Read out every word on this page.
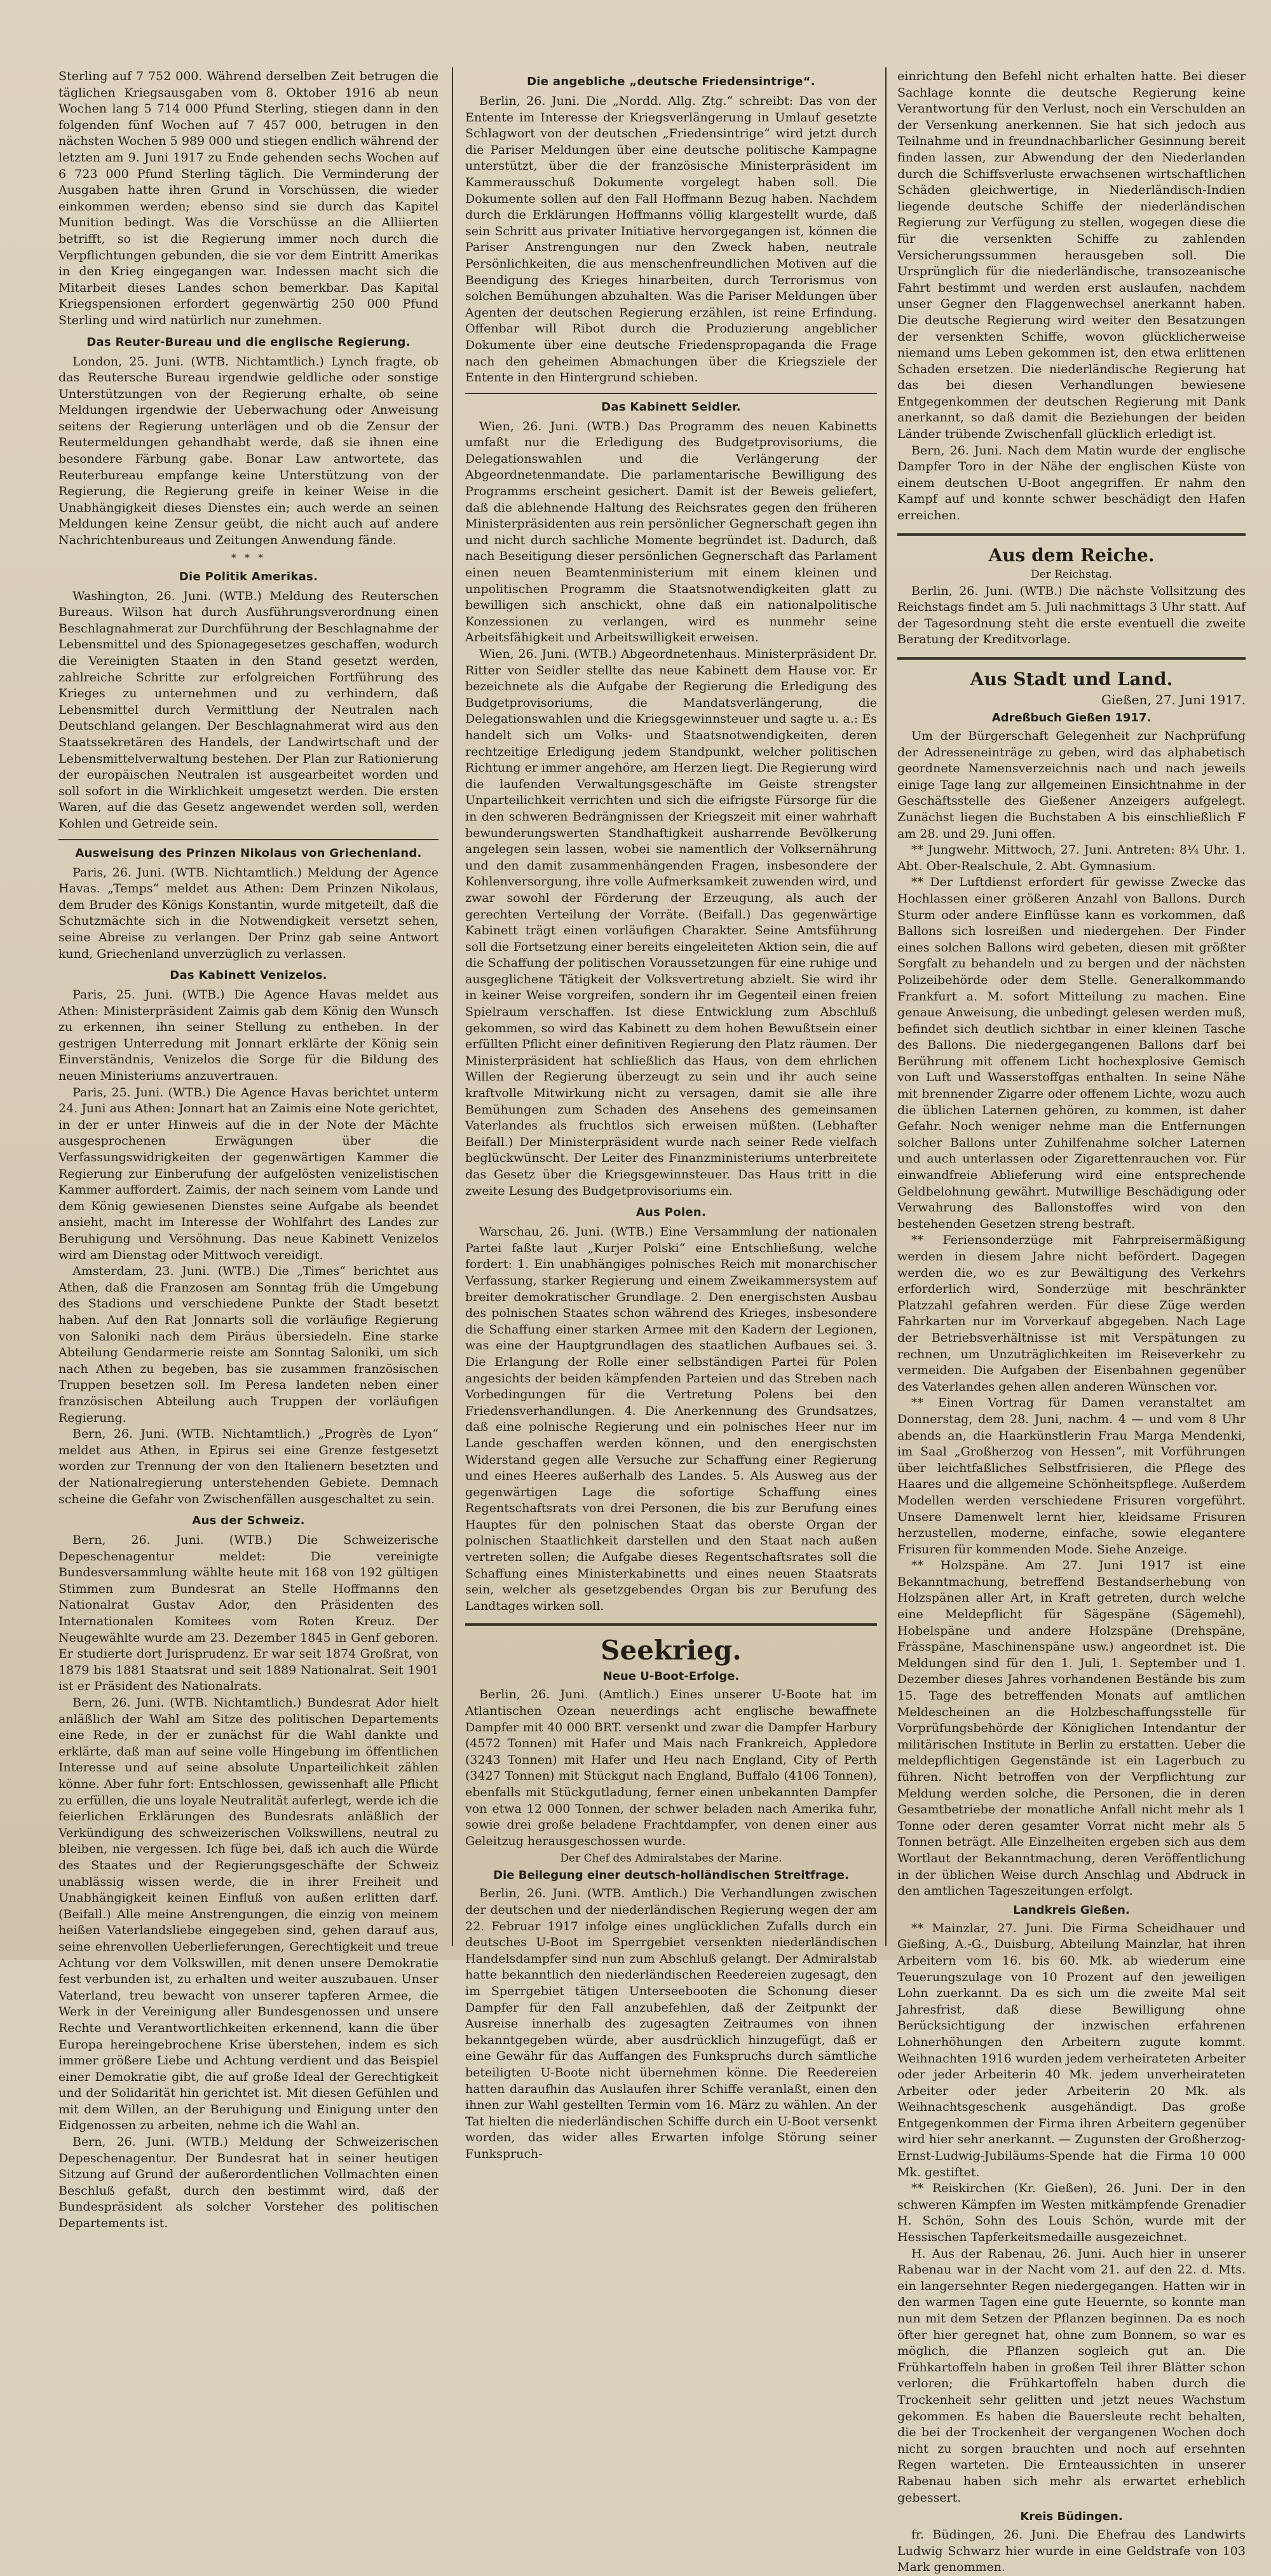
Sterling auf 7 752 000. Während derselben Zeit betrugen die täglichen Kriegsausgaben vom 8. Oktober 1916 ab neun Wochen lang 5 714 000 Pfund Sterling, stiegen dann in den folgenden fünf Wochen auf 7 457 000, betrugen in den nächsten Wochen 5 989 000 und stiegen endlich während der letzten am 9. Juni 1917 zu Ende gehenden sechs Wochen auf 6 723 000 Pfund Sterling täglich. Die Verminderung der Ausgaben hatte ihren Grund in Vorschüssen, die wieder einkommen werden; ebenso sind sie durch das Kapitel Munition bedingt. Was die Vorschüsse an die Alliierten betrifft, so ist die Regierung immer noch durch die Verpflichtungen gebunden, die sie vor dem Eintritt Amerikas in den Krieg eingegangen war. Indessen macht sich die Mitarbeit dieses Landes schon bemerkbar. Das Kapital Kriegspensionen erfordert gegenwärtig 250 000 Pfund Sterling und wird natürlich nur zunehmen.

Das Reuter-Bureau und die englische Regierung.

London, 25. Juni. (WTB. Nichtamtlich.) Lynch fragte, ob das Reutersche Bureau irgendwie geldliche oder sonstige Unterstützungen von der Regierung erhalte, ob seine Meldungen irgendwie der Ueberwachung oder Anweisung seitens der Regierung unterlägen und ob die Zensur der Reutermeldungen gehandhabt werde, daß sie ihnen eine besondere Färbung gabe. Bonar Law antwortete, das Reuterbureau empfange keine Unterstützung von der Regierung, die Regierung greife in keiner Weise in die Unabhängigkeit dieses Dienstes ein; auch werde an seinen Meldungen keine Zensur geübt, die nicht auch auf andere Nachrichtenbureaus und Zeitungen Anwendung fände.

* * *
Die Politik Amerikas.

Washington, 26. Juni. (WTB.) Meldung des Reuterschen Bureaus. Wilson hat durch Ausführungsverordnung einen Beschlagnahmerat zur Durchführung der Beschlagnahme der Lebensmittel und des Spionagegesetzes geschaffen, wodurch die Vereinigten Staaten in den Stand gesetzt werden, zahlreiche Schritte zur erfolgreichen Fortführung des Krieges zu unternehmen und zu verhindern, daß Lebensmittel durch Vermittlung der Neutralen nach Deutschland gelangen. Der Beschlagnahmerat wird aus den Staatssekretären des Handels, der Landwirtschaft und der Lebensmittelverwaltung bestehen. Der Plan zur Rationierung der europäischen Neutralen ist ausgearbeitet worden und soll sofort in die Wirklichkeit umgesetzt werden. Die ersten Waren, auf die das Gesetz angewendet werden soll, werden Kohlen und Getreide sein.

Ausweisung des Prinzen Nikolaus von Griechenland.

Paris, 26. Juni. (WTB. Nichtamtlich.) Meldung der Agence Havas. „Temps“ meldet aus Athen: Dem Prinzen Nikolaus, dem Bruder des Königs Konstantin, wurde mitgeteilt, daß die Schutzmächte sich in die Notwendigkeit versetzt sehen, seine Abreise zu verlangen. Der Prinz gab seine Antwort kund, Griechenland unverzüglich zu verlassen.

Das Kabinett Venizelos.

Paris, 25. Juni. (WTB.) Die Agence Havas meldet aus Athen: Ministerpräsident Zaimis gab dem König den Wunsch zu erkennen, ihn seiner Stellung zu entheben. In der gestrigen Unterredung mit Jonnart erklärte der König sein Einverständnis, Venizelos die Sorge für die Bildung des neuen Ministeriums anzuvertrauen.

Paris, 25. Juni. (WTB.) Die Agence Havas berichtet unterm 24. Juni aus Athen: Jonnart hat an Zaimis eine Note gerichtet, in der er unter Hinweis auf die in der Note der Mächte ausgesprochenen Erwägungen über die Verfassungswidrigkeiten der gegenwärtigen Kammer die Regierung zur Einberufung der aufgelösten venizelistischen Kammer auffordert. Zaimis, der nach seinem vom Lande und dem König gewiesenen Dienstes seine Aufgabe als beendet ansieht, macht im Interesse der Wohlfahrt des Landes zur Beruhigung und Versöhnung. Das neue Kabinett Venizelos wird am Dienstag oder Mittwoch vereidigt.

Amsterdam, 23. Juni. (WTB.) Die „Times“ berichtet aus Athen, daß die Franzosen am Sonntag früh die Umgebung des Stadions und verschiedene Punkte der Stadt besetzt haben. Auf den Rat Jonnarts soll die vorläufige Regierung von Saloniki nach dem Piräus übersiedeln. Eine starke Abteilung Gendarmerie reiste am Sonntag Saloniki, um sich nach Athen zu begeben, bas sie zusammen französischen Truppen besetzen soll. Im Peresa landeten neben einer französischen Abteilung auch Truppen der vorläufigen Regierung.

Bern, 26. Juni. (WTB. Nichtamtlich.) „Progrès de Lyon“ meldet aus Athen, in Epirus sei eine Grenze festgesetzt worden zur Trennung der von den Italienern besetzten und der Nationalregierung unterstehenden Gebiete. Demnach scheine die Gefahr von Zwischenfällen ausgeschaltet zu sein.

Aus der Schweiz.

Bern, 26. Juni. (WTB.) Die Schweizerische Depeschenagentur meldet: Die vereinigte Bundesversammlung wählte heute mit 168 von 192 gültigen Stimmen zum Bundesrat an Stelle Hoffmanns den Nationalrat Gustav Ador, den Präsidenten des Internationalen Komitees vom Roten Kreuz. Der Neugewählte wurde am 23. Dezember 1845 in Genf geboren. Er studierte dort Jurisprudenz. Er war seit 1874 Großrat, von 1879 bis 1881 Staatsrat und seit 1889 Nationalrat. Seit 1901 ist er Präsident des Nationalrats.

Bern, 26. Juni. (WTB. Nichtamtlich.) Bundesrat Ador hielt anläßlich der Wahl am Sitze des politischen Departements eine Rede, in der er zunächst für die Wahl dankte und erklärte, daß man auf seine volle Hingebung im öffentlichen Interesse und auf seine absolute Unparteilichkeit zählen könne. Aber fuhr fort: Entschlossen, gewissenhaft alle Pflicht zu erfüllen, die uns loyale Neutralität auferlegt, werde ich die feierlichen Erklärungen des Bundesrats anläßlich der Verkündigung des schweizerischen Volkswillens, neutral zu bleiben, nie vergessen. Ich füge bei, daß ich auch die Würde des Staates und der Regierungsgeschäfte der Schweiz unablässig wissen werde, die in ihrer Freiheit und Unabhängigkeit keinen Einfluß von außen erlitten darf. (Beifall.) Alle meine Anstrengungen, die einzig von meinem heißen Vaterlandsliebe eingegeben sind, gehen darauf aus, seine ehrenvollen Ueberlieferungen, Gerechtigkeit und treue Achtung vor dem Volkswillen, mit denen unsere Demokratie fest verbunden ist, zu erhalten und weiter auszubauen. Unser Vaterland, treu bewacht von unserer tapferen Armee, die Werk in der Vereinigung aller Bundesgenossen und unsere Rechte und Verantwortlichkeiten erkennend, kann die über Europa hereingebrochene Krise überstehen, indem es sich immer größere Liebe und Achtung verdient und das Beispiel einer Demokratie gibt, die auf große Ideal der Gerechtigkeit und der Solidarität hin gerichtet ist. Mit diesen Gefühlen und mit dem Willen, an der Beruhigung und Einigung unter den Eidgenossen zu arbeiten, nehme ich die Wahl an.

Bern, 26. Juni. (WTB.) Meldung der Schweizerischen Depeschenagentur. Der Bundesrat hat in seiner heutigen Sitzung auf Grund der außerordentlichen Vollmachten einen Beschluß gefaßt, durch den bestimmt wird, daß der Bundespräsident als solcher Vorsteher des politischen Departements ist.

Die angebliche „deutsche Friedensintrige“.

Berlin, 26. Juni. Die „Nordd. Allg. Ztg.“ schreibt: Das von der Entente im Interesse der Kriegsverlängerung in Umlauf gesetzte Schlagwort von der deutschen „Friedensintrige“ wird jetzt durch die Pariser Meldungen über eine deutsche politische Kampagne unterstützt, über die der französische Ministerpräsident im Kammerausschuß Dokumente vorgelegt haben soll. Die Dokumente sollen auf den Fall Hoffmann Bezug haben. Nachdem durch die Erklärungen Hoffmanns völlig klargestellt wurde, daß sein Schritt aus privater Initiative hervorgegangen ist, können die Pariser Anstrengungen nur den Zweck haben, neutrale Persönlichkeiten, die aus menschenfreundlichen Motiven auf die Beendigung des Krieges hinarbeiten, durch Terrorismus von solchen Bemühungen abzuhalten. Was die Pariser Meldungen über Agenten der deutschen Regierung erzählen, ist reine Erfindung. Offenbar will Ribot durch die Produzierung angeblicher Dokumente über eine deutsche Friedenspropaganda die Frage nach den geheimen Abmachungen über die Kriegsziele der Entente in den Hintergrund schieben.

Das Kabinett Seidler.

Wien, 26. Juni. (WTB.) Das Programm des neuen Kabinetts umfaßt nur die Erledigung des Budgetprovisoriums, die Delegationswahlen und die Verlängerung der Abgeordnetenmandate. Die parlamentarische Bewilligung des Programms erscheint gesichert. Damit ist der Beweis geliefert, daß die ablehnende Haltung des Reichsrates gegen den früheren Ministerpräsidenten aus rein persönlicher Gegnerschaft gegen ihn und nicht durch sachliche Momente begründet ist. Dadurch, daß nach Beseitigung dieser persönlichen Gegnerschaft das Parlament einen neuen Beamtenministerium mit einem kleinen und unpolitischen Programm die Staatsnotwendigkeiten glatt zu bewilligen sich anschickt, ohne daß ein nationalpolitische Konzessionen zu verlangen, wird es nunmehr seine Arbeitsfähigkeit und Arbeitswilligkeit erweisen.

Wien, 26. Juni. (WTB.) Abgeordnetenhaus. Ministerpräsident Dr. Ritter von Seidler stellte das neue Kabinett dem Hause vor. Er bezeichnete als die Aufgabe der Regierung die Erledigung des Budgetprovisoriums, die Mandatsverlängerung, die Delegationswahlen und die Kriegsgewinnsteuer und sagte u. a.: Es handelt sich um Volks- und Staatsnotwendigkeiten, deren rechtzeitige Erledigung jedem Standpunkt, welcher politischen Richtung er immer angehöre, am Herzen liegt. Die Regierung wird die laufenden Verwaltungsgeschäfte im Geiste strengster Unparteilichkeit verrichten und sich die eifrigste Fürsorge für die in den schweren Bedrängnissen der Kriegszeit mit einer wahrhaft bewunderungswerten Standhaftigkeit ausharrende Bevölkerung angelegen sein lassen, wobei sie namentlich der Volksernährung und den damit zusammenhängenden Fragen, insbesondere der Kohlenversorgung, ihre volle Aufmerksamkeit zuwenden wird, und zwar sowohl der Förderung der Erzeugung, als auch der gerechten Verteilung der Vorräte. (Beifall.) Das gegenwärtige Kabinett trägt einen vorläufigen Charakter. Seine Amtsführung soll die Fortsetzung einer bereits eingeleiteten Aktion sein, die auf die Schaffung der politischen Voraussetzungen für eine ruhige und ausgeglichene Tätigkeit der Volksvertretung abzielt. Sie wird ihr in keiner Weise vorgreifen, sondern ihr im Gegenteil einen freien Spielraum verschaffen. Ist diese Entwicklung zum Abschluß gekommen, so wird das Kabinett zu dem hohen Bewußtsein einer erfüllten Pflicht einer definitiven Regierung den Platz räumen. Der Ministerpräsident hat schließlich das Haus, von dem ehrlichen Willen der Regierung überzeugt zu sein und ihr auch seine kraftvolle Mitwirkung nicht zu versagen, damit sie alle ihre Bemühungen zum Schaden des Ansehens des gemeinsamen Vaterlandes als fruchtlos sich erweisen müßten. (Lebhafter Beifall.) Der Ministerpräsident wurde nach seiner Rede vielfach beglückwünscht. Der Leiter des Finanzministeriums unterbreitete das Gesetz über die Kriegsgewinnsteuer. Das Haus tritt in die zweite Lesung des Budgetprovisoriums ein.

Aus Polen.

Warschau, 26. Juni. (WTB.) Eine Versammlung der nationalen Partei faßte laut „Kurjer Polski“ eine Entschließung, welche fordert: 1. Ein unabhängiges polnisches Reich mit monarchischer Verfassung, starker Regierung und einem Zweikammersystem auf breiter demokratischer Grundlage. 2. Den energischsten Ausbau des polnischen Staates schon während des Krieges, insbesondere die Schaffung einer starken Armee mit den Kadern der Legionen, was eine der Hauptgrundlagen des staatlichen Aufbaues sei. 3. Die Erlangung der Rolle einer selbständigen Partei für Polen angesichts der beiden kämpfenden Parteien und das Streben nach Vorbedingungen für die Vertretung Polens bei den Friedensverhandlungen. 4. Die Anerkennung des Grundsatzes, daß eine polnische Regierung und ein polnisches Heer nur im Lande geschaffen werden können, und den energischsten Widerstand gegen alle Versuche zur Schaffung einer Regierung und eines Heeres außerhalb des Landes. 5. Als Ausweg aus der gegenwärtigen Lage die sofortige Schaffung eines Regentschaftsrats von drei Personen, die bis zur Berufung eines Hauptes für den polnischen Staat das oberste Organ der polnischen Staatlichkeit darstellen und den Staat nach außen vertreten sollen; die Aufgabe dieses Regentschaftsrates soll die Schaffung eines Ministerkabinetts und eines neuen Staatsrats sein, welcher als gesetzgebendes Organ bis zur Berufung des Landtages wirken soll.

Seekrieg.
Neue U-Boot-Erfolge.

Berlin, 26. Juni. (Amtlich.) Eines unserer U-Boote hat im Atlantischen Ozean neuerdings acht englische bewaffnete Dampfer mit 40 000 BRT. versenkt und zwar die Dampfer Harbury (4572 Tonnen) mit Hafer und Mais nach Frankreich, Appledore (3243 Tonnen) mit Hafer und Heu nach England, City of Perth (3427 Tonnen) mit Stückgut nach England, Buffalo (4106 Tonnen), ebenfalls mit Stückgutladung, ferner einen unbekannten Dampfer von etwa 12 000 Tonnen, der schwer beladen nach Amerika fuhr, sowie drei große beladene Frachtdampfer, von denen einer aus Geleitzug herausgeschossen wurde.

Der Chef des Admiralstabes der Marine.
Die Beilegung einer deutsch-holländischen Streitfrage.

Berlin, 26. Juni. (WTB. Amtlich.) Die Verhandlungen zwischen der deutschen und der niederländischen Regierung wegen der am 22. Februar 1917 infolge eines unglücklichen Zufalls durch ein deutsches U-Boot im Sperrgebiet versenkten niederländischen Handelsdampfer sind nun zum Abschluß gelangt. Der Admiralstab hatte bekanntlich den niederländischen Reedereien zugesagt, den im Sperrgebiet tätigen Unterseebooten die Schonung dieser Dampfer für den Fall anzubefehlen, daß der Zeitpunkt der Ausreise innerhalb des zugesagten Zeitraumes von ihnen bekanntgegeben würde, aber ausdrücklich hinzugefügt, daß er eine Gewähr für das Auffangen des Funkspruchs durch sämtliche beteiligten U-Boote nicht übernehmen könne. Die Reedereien hatten daraufhin das Auslaufen ihrer Schiffe veranlaßt, einen den ihnen zur Wahl gestellten Termin vom 16. März zu wählen. An der Tat hielten die niederländischen Schiffe durch ein U-Boot versenkt worden, das wider alles Erwarten infolge Störung seiner Funkspruch-

einrichtung den Befehl nicht erhalten hatte. Bei dieser Sachlage konnte die deutsche Regierung keine Verantwortung für den Verlust, noch ein Verschulden an der Versenkung anerkennen. Sie hat sich jedoch aus Teilnahme und in freundnachbarlicher Gesinnung bereit finden lassen, zur Abwendung der den Niederlanden durch die Schiffsverluste erwachsenen wirtschaftlichen Schäden gleichwertige, in Niederländisch-Indien liegende deutsche Schiffe der niederländischen Regierung zur Verfügung zu stellen, wogegen diese die für die versenkten Schiffe zu zahlenden Versicherungssummen herausgeben soll. Die Ursprünglich für die niederländische, transozeanische Fahrt bestimmt und werden erst auslaufen, nachdem unser Gegner den Flaggenwechsel anerkannt haben. Die deutsche Regierung wird weiter den Besatzungen der versenkten Schiffe, wovon glücklicherweise niemand ums Leben gekommen ist, den etwa erlittenen Schaden ersetzen. Die niederländische Regierung hat das bei diesen Verhandlungen bewiesene Entgegenkommen der deutschen Regierung mit Dank anerkannt, so daß damit die Beziehungen der beiden Länder trübende Zwischenfall glücklich erledigt ist.

Bern, 26. Juni. Nach dem Matin wurde der englische Dampfer Toro in der Nähe der englischen Küste von einem deutschen U-Boot angegriffen. Er nahm den Kampf auf und konnte schwer beschädigt den Hafen erreichen.

Aus dem Reiche.
Der Reichstag.

Berlin, 26. Juni. (WTB.) Die nächste Vollsitzung des Reichstags findet am 5. Juli nachmittags 3 Uhr statt. Auf der Tagesordnung steht die erste eventuell die zweite Beratung der Kreditvorlage.

Aus Stadt und Land.
Gießen, 27. Juni 1917.
Adreßbuch Gießen 1917.

Um der Bürgerschaft Gelegenheit zur Nachprüfung der Adresseneinträge zu geben, wird das alphabetisch geordnete Namensverzeichnis nach und nach jeweils einige Tage lang zur allgemeinen Einsichtnahme in der Geschäftsstelle des Gießener Anzeigers aufgelegt. Zunächst liegen die Buchstaben A bis einschließlich F am 28. und 29. Juni offen.

** Jungwehr. Mittwoch, 27. Juni. Antreten: 8¼ Uhr. 1. Abt. Ober-Realschule, 2. Abt. Gymnasium.

** Der Luftdienst erfordert für gewisse Zwecke das Hochlassen einer größeren Anzahl von Ballons. Durch Sturm oder andere Einflüsse kann es vorkommen, daß Ballons sich losreißen und niedergehen. Der Finder eines solchen Ballons wird gebeten, diesen mit größter Sorgfalt zu behandeln und zu bergen und der nächsten Polizeibehörde oder dem Stelle. Generalkommando Frankfurt a. M. sofort Mitteilung zu machen. Eine genaue Anweisung, die unbedingt gelesen werden muß, befindet sich deutlich sichtbar in einer kleinen Tasche des Ballons. Die niedergegangenen Ballons darf bei Berührung mit offenem Licht hochexplosive Gemisch von Luft und Wasserstoffgas enthalten. In seine Nähe mit brennender Zigarre oder offenem Lichte, wozu auch die üblichen Laternen gehören, zu kommen, ist daher Gefahr. Noch weniger nehme man die Entfernungen solcher Ballons unter Zuhilfenahme solcher Laternen und auch unterlassen oder Zigarettenrauchen vor. Für einwandfreie Ablieferung wird eine entsprechende Geldbelohnung gewährt. Mutwillige Beschädigung oder Verwahrung des Ballonstoffes wird von den bestehenden Gesetzen streng bestraft.

** Feriensonderzüge mit Fahrpreisermäßigung werden in diesem Jahre nicht befördert. Dagegen werden die, wo es zur Bewältigung des Verkehrs erforderlich wird, Sonderzüge mit beschränkter Platzzahl gefahren werden. Für diese Züge werden Fahrkarten nur im Vorverkauf abgegeben. Nach Lage der Betriebsverhältnisse ist mit Verspätungen zu rechnen, um Unzuträglichkeiten im Reiseverkehr zu vermeiden. Die Aufgaben der Eisenbahnen gegenüber des Vaterlandes gehen allen anderen Wünschen vor.

** Einen Vortrag für Damen veranstaltet am Donnerstag, dem 28. Juni, nachm. 4 — und vom 8 Uhr abends an, die Haarkünstlerin Frau Marga Mendenki, im Saal „Großherzog von Hessen“, mit Vorführungen über leichtfaßliches Selbstfrisieren, die Pflege des Haares und die allgemeine Schönheitspflege. Außerdem Modellen werden verschiedene Frisuren vorgeführt. Unsere Damenwelt lernt hier, kleidsame Frisuren herzustellen, moderne, einfache, sowie elegantere Frisuren für kommenden Mode. Siehe Anzeige.

** Holzspäne. Am 27. Juni 1917 ist eine Bekanntmachung, betreffend Bestandserhebung von Holzspänen aller Art, in Kraft getreten, durch welche eine Meldepflicht für Sägespäne (Sägemehl), Hobelspäne und andere Holzspäne (Drehspäne, Frässpäne, Maschinenspäne usw.) angeordnet ist. Die Meldungen sind für den 1. Juli, 1. September und 1. Dezember dieses Jahres vorhandenen Bestände bis zum 15. Tage des betreffenden Monats auf amtlichen Meldescheinen an die Holzbeschaffungsstelle für Vorprüfungsbehörde der Königlichen Intendantur der militärischen Institute in Berlin zu erstatten. Ueber die meldepflichtigen Gegenstände ist ein Lagerbuch zu führen. Nicht betroffen von der Verpflichtung zur Meldung werden solche, die Personen, die in deren Gesamtbetriebe der monatliche Anfall nicht mehr als 1 Tonne oder deren gesamter Vorrat nicht mehr als 5 Tonnen beträgt. Alle Einzelheiten ergeben sich aus dem Wortlaut der Bekanntmachung, deren Veröffentlichung in der üblichen Weise durch Anschlag und Abdruck in den amtlichen Tageszeitungen erfolgt.

Landkreis Gießen.

** Mainzlar, 27. Juni. Die Firma Scheidhauer und Gießing, A.-G., Duisburg, Abteilung Mainzlar, hat ihren Arbeitern vom 16. bis 60. Mk. ab wiederum eine Teuerungszulage von 10 Prozent auf den jeweiligen Lohn zuerkannt. Da es sich um die zweite Mal seit Jahresfrist, daß diese Bewilligung ohne Berücksichtigung der inzwischen erfahrenen Lohnerhöhungen den Arbeitern zugute kommt. Weihnachten 1916 wurden jedem verheirateten Arbeiter oder jeder Arbeiterin 40 Mk. jedem unverheirateten Arbeiter oder jeder Arbeiterin 20 Mk. als Weihnachtsgeschenk ausgehändigt. Das große Entgegenkommen der Firma ihren Arbeitern gegenüber wird hier sehr anerkannt. — Zugunsten der Großherzog-Ernst-Ludwig-Jubiläums-Spende hat die Firma 10 000 Mk. gestiftet.

** Reiskirchen (Kr. Gießen), 26. Juni. Der in den schweren Kämpfen im Westen mitkämpfende Grenadier H. Schön, Sohn des Louis Schön, wurde mit der Hessischen Tapferkeitsmedaille ausgezeichnet.

H. Aus der Rabenau, 26. Juni. Auch hier in unserer Rabenau war in der Nacht vom 21. auf den 22. d. Mts. ein langersehnter Regen niedergegangen. Hatten wir in den warmen Tagen eine gute Heuernte, so konnte man nun mit dem Setzen der Pflanzen beginnen. Da es noch öfter hier geregnet hat, ohne zum Bonnem, so war es möglich, die Pflanzen sogleich gut an. Die Frühkartoffeln haben in großen Teil ihrer Blätter schon verloren; die Frühkartoffeln haben durch die Trockenheit sehr gelitten und jetzt neues Wachstum gekommen. Es haben die Bauersleute recht behalten, die bei der Trockenheit der vergangenen Wochen doch nicht zu sorgen brauchten und noch auf ersehnten Regen warteten. Die Ernteaussichten in unserer Rabenau haben sich mehr als erwartet erheblich gebessert.

Kreis Büdingen.

fr. Büdingen, 26. Juni. Die Ehefrau des Landwirts Ludwig Schwarz hier wurde in eine Geldstrafe von 103 Mark genommen.
